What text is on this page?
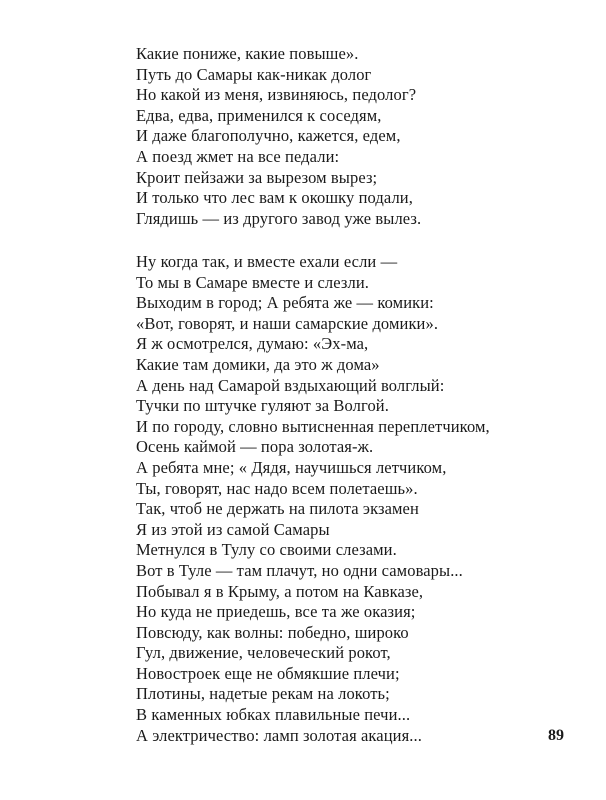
Какие пониже, какие повыше».
Путь до Самары как-никак долог
Но какой из меня, извиняюсь, педолог?
Едва, едва, применился к соседям,
И даже благополучно, кажется, едем,
А поезд жмет на все педали:
Кроит пейзажи за вырезом вырез;
И только что лес вам к окошку подали,
Глядишь — из другого завод уже вылез.
Ну когда так, и вместе ехали если —
То мы в Самаре вместе и слезли.
Выходим в город; А ребята же — комики:
«Вот, говорят, и наши самарские домики».
Я ж осмотрелся, думаю: «Эх-ма,
Какие там домики, да это ж дома»
А день над Самарой вздыхающий волглый:
Тучки по штучке гуляют за Волгой.
И по городу, словно вытисненная переплетчиком,
Осень каймой — пора золотая-ж.
А ребята мне; « Дядя, научишься летчиком,
Ты, говорят, нас надо всем полетаешь».
Так, чтоб не держать на пилота экзамен
Я из этой из самой Самары
Метнулся в Тулу со своими слезами.
Вот в Туле — там плачут, но одни самовары...
Побывал я в Крыму, а потом на Кавказе,
Но куда не приедешь, все та же оказия;
Повсюду, как волны: победно, широко
Гул, движение, человеческий рокот,
Новостроек еще не обмякшие плечи;
Плотины, надетые рекам на локоть;
В каменных юбках плавильные печи...
А электричество: ламп золотая акация...	89
